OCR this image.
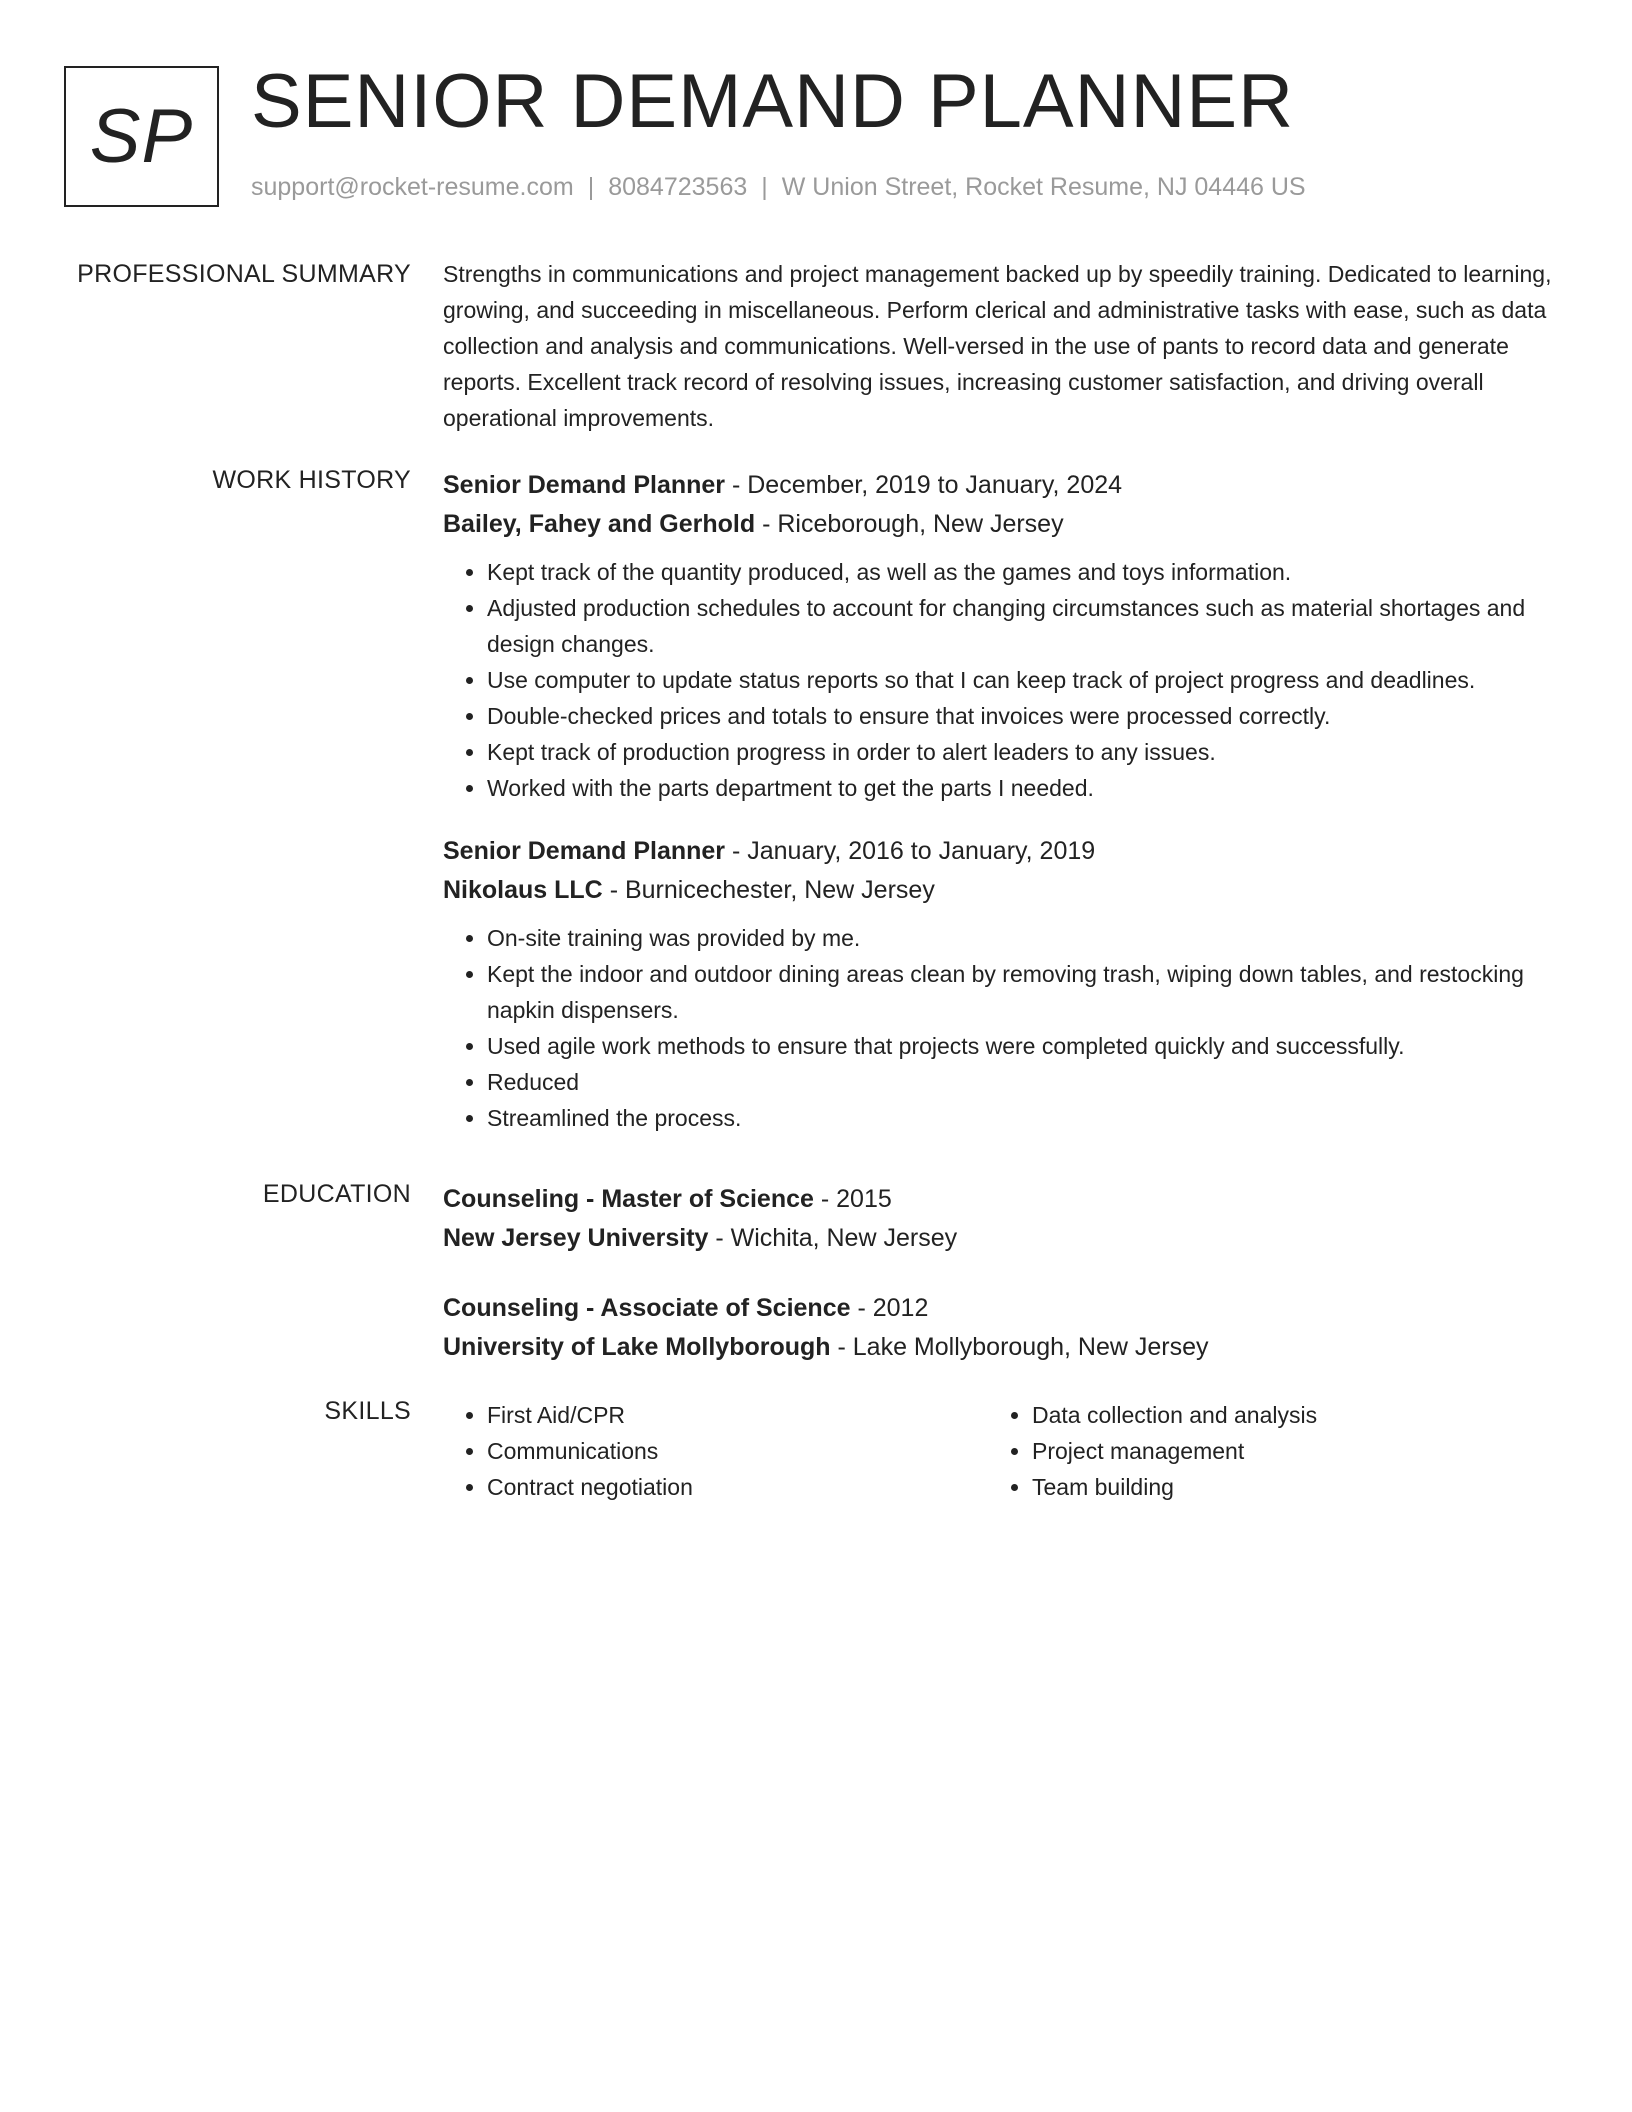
SP SENIOR DEMAND PLANNER
support@rocket-resume.com | 8084723563 | W Union Street, Rocket Resume, NJ 04446 US
PROFESSIONAL SUMMARY Strengths in communications and project management backed up by speedily training. Dedicated to learning, growing, and succeeding in miscellaneous. Perform clerical and administrative tasks with ease, such as data collection and analysis and communications. Well-versed in the use of pants to record data and generate reports. Excellent track record of resolving issues, increasing customer satisfaction, and driving overall operational improvements.

WORK HISTORY Senior Demand Planner - December, 2019 to January, 2024
Bailey, Fahey and Gerhold - Riceborough, New Jersey
• Kept track of the quantity produced, as well as the games and toys information.
• Adjusted production schedules to account for changing circumstances such as material shortages and design changes.
• Use computer to update status reports so that I can keep track of project progress and deadlines.
• Double-checked prices and totals to ensure that invoices were processed correctly.
• Kept track of production progress in order to alert leaders to any issues.
• Worked with the parts department to get the parts I needed.
Senior Demand Planner - January, 2016 to January, 2019
Nikolaus LLC - Burnicechester, New Jersey
• On-site training was provided by me.
• Kept the indoor and outdoor dining areas clean by removing trash, wiping down tables, and restocking napkin dispensers.
• Used agile work methods to ensure that projects were completed quickly and successfully.
• Reduced
• Streamlined the process.
EDUCATION Counseling - Master of Science - 2015
New Jersey University - Wichita, New Jersey
Counseling - Associate of Science - 2012
University of Lake Mollyborough - Lake Mollyborough, New Jersey
SKILLS
•	First Aid/CPR
• Communications
• Contract negotiation
• Data collection and analysis
• Project management
• Team building
